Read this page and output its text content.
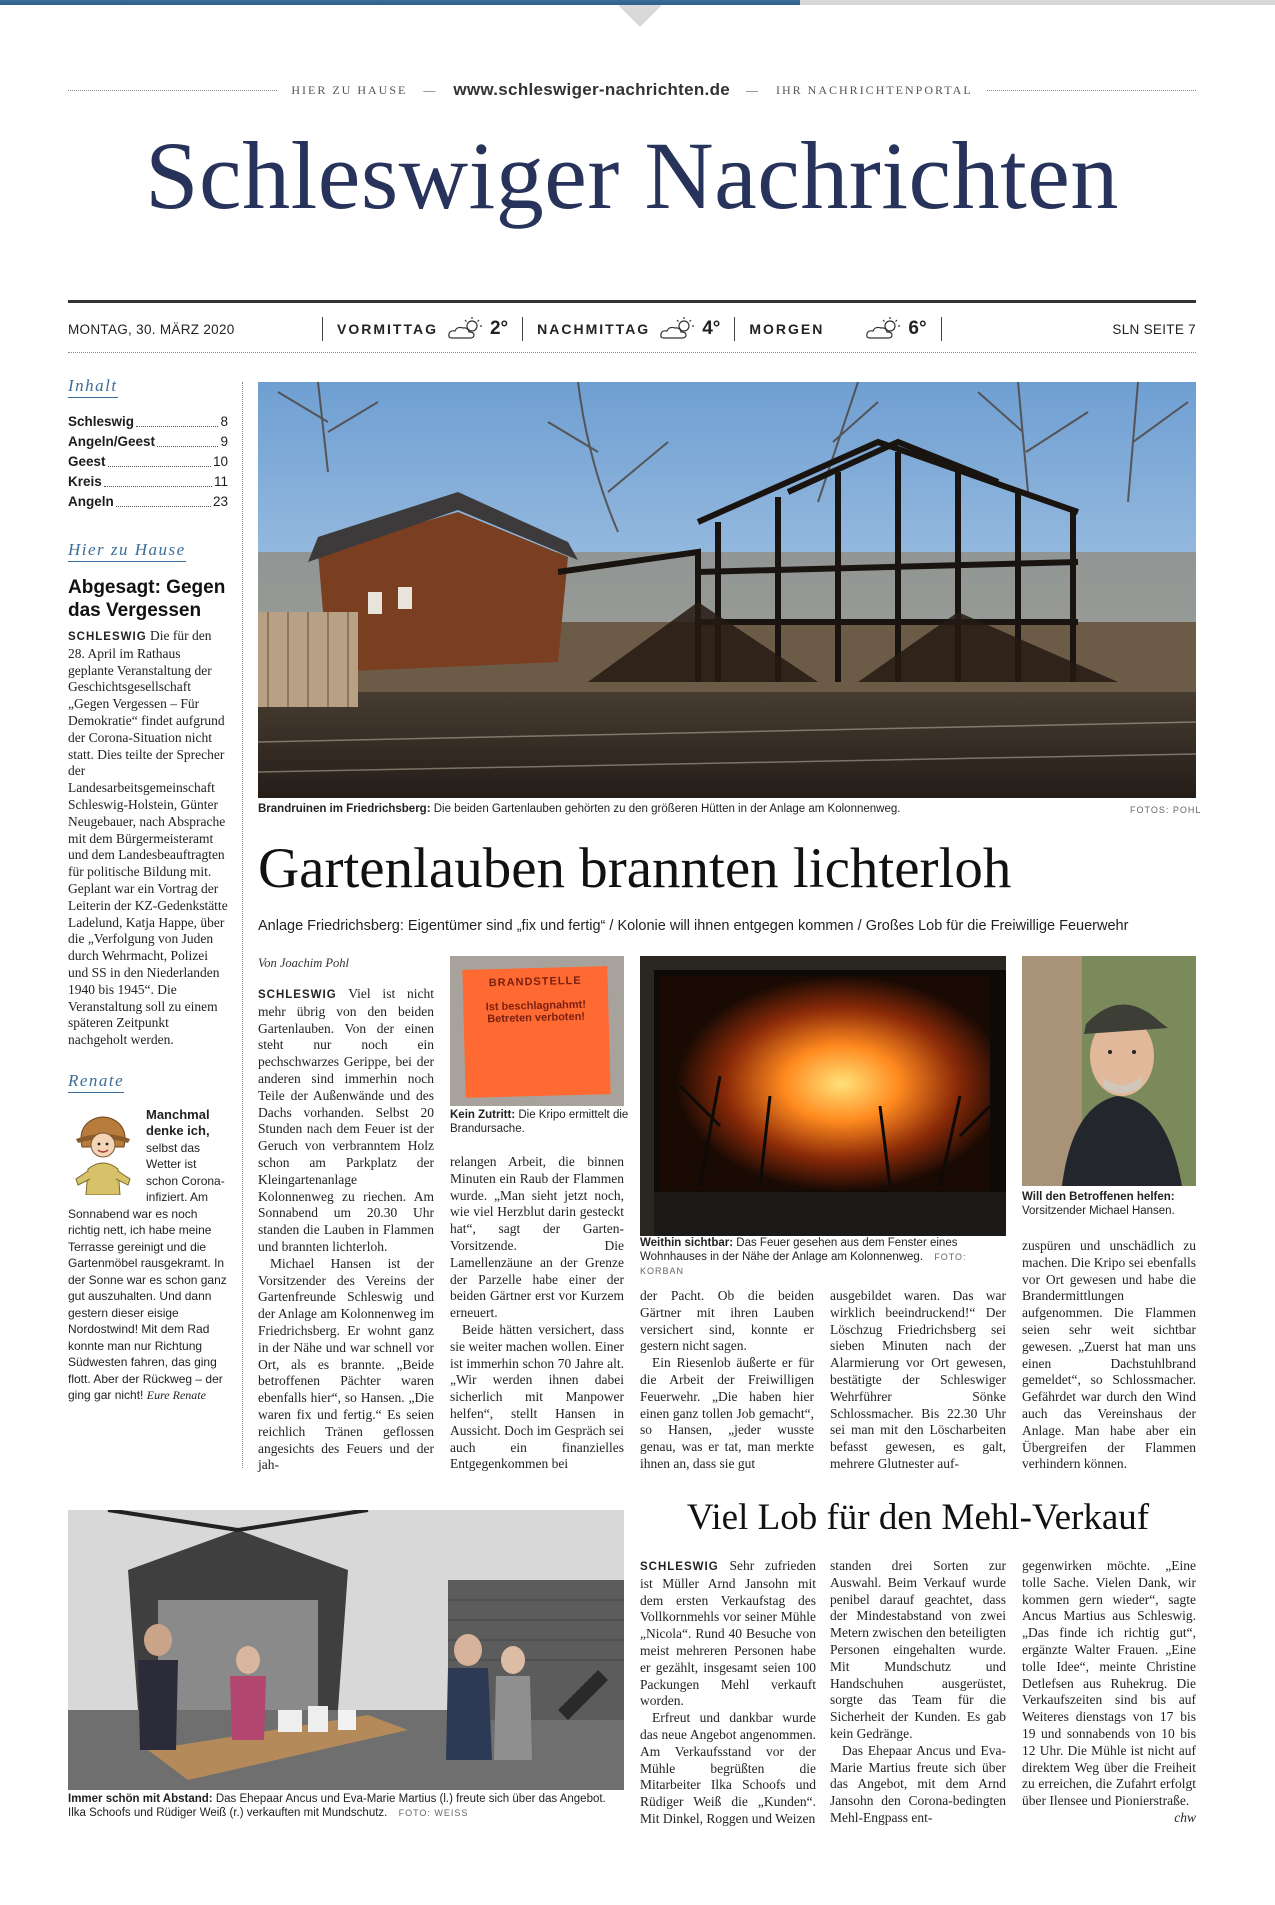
HIER ZU HAUSE	— www.schleswiger-nachrichten.de	—	IHR NACHRICHTENPORTAL
Schleswiger Nachrichten
MONTAG, 30. MÄRZ 2020	VORMITTAG	2° NACHMITTAG	4° MORGEN	6°	SLN SEITE 7
Inhalt
Schleswig	8
Angeln/Geest	9
Geest	10
Kreis	11
Angeln	23
Hier zu Hause
Abgesagt: Gegen das Vergessen
SCHLESWIG Die für den 28. April im Rathaus geplante Veranstaltung der Geschichtsgesellschaft „Gegen Vergessen – Für Demokratie“ findet aufgrund der Corona-Situation nicht statt. Dies teilte der Sprecher der Landesarbeitsgemeinschaft Schleswig-Holstein, Günter Neugebauer, nach Absprache mit dem Bürgermeisteramt und dem Landesbeauftragten für politische Bildung mit. Geplant war ein Vortrag der Leiterin der KZ-Gedenkstätte Ladelund, Katja Happe, über die „Verfolgung von Juden durch Wehrmacht, Polizei und SS in den Niederlanden 1940 bis 1945“. Die Veranstaltung soll zu einem späteren Zeitpunkt nachgeholt werden.
Renate
Manchmal denke ich, selbst das Wetter ist schon Corona-infiziert. Am Sonnabend war es noch richtig nett, ich habe meine Terrasse gereinigt und die Gartenmöbel rausgekramt. In der Sonne war es schon ganz gut auszuhalten. Und dann gestern dieser eisige Nordostwind! Mit dem Rad konnte man nur Richtung Südwesten fahren, das ging flott. Aber der Rückweg – der ging gar nicht! Eure Renate
Brandruinen im Friedrichsberg: Die beiden Gartenlauben gehörten zu den größeren Hütten in der Anlage am Kolonnenweg.	FOTOS: POHL
Gartenlauben brannten lichterloh
Anlage Friedrichsberg: Eigentümer sind „fix und fertig“ / Kolonie will ihnen entgegen kommen / Großes Lob für die Freiwillige Feuerwehr
Von Joachim Pohl
BRANDSTELLE
Ist beschlagnahmt!
Betreten verboten!
Kein Zutritt: Die Kripo ermittelt die Brandursache.
Weithin sichtbar: Das Feuer gesehen aus dem Fenster eines Wohnhauses in der Nähe der Anlage am Kolonnenweg. FOTO: KORBAN
Will den Betroffenen helfen:
Vorsitzender Michael Hansen.

SCHLESWIG Viel ist nicht mehr übrig von den beiden Gartenlauben. Von der einen steht nur noch ein pechschwarzes Gerippe, bei der anderen sind immerhin noch Teile der Außenwände und des Dachs vorhanden. Selbst 20 Stunden nach dem Feuer ist der Geruch von verbranntem Holz schon am Parkplatz der Kleingartenanlage Kolonnenweg zu riechen. Am Sonnabend um 20.30 Uhr standen die Lauben in Flammen und brannten lichterloh.

Michael Hansen ist der Vorsitzender des Vereins der Gartenfreunde Schleswig und der Anlage am Kolonnenweg im Friedrichsberg. Er wohnt ganz in der Nähe und war schnell vor Ort, als es brannte. „Beide betroffenen Pächter waren ebenfalls hier“, so Hansen. „Die waren fix und fertig.“ Es seien reichlich Tränen geflossen angesichts des Feuers und der jah-

relangen Arbeit, die binnen Minuten ein Raub der Flammen wurde. „Man sieht jetzt noch, wie viel Herzblut darin gesteckt hat“, sagt der Garten-Vorsitzende. Die Lamellenzäune an der Grenze der Parzelle habe einer der beiden Gärtner erst vor Kurzem erneuert.

Beide hätten versichert, dass sie weiter machen wollen. Einer ist immerhin schon 70 Jahre alt. „Wir werden ihnen dabei sicherlich mit Manpower helfen“, stellt Hansen in Aussicht. Doch im Gespräch sei auch ein finanzielles Entgegenkommen bei

der Pacht. Ob die beiden Gärtner mit ihren Lauben versichert sind, konnte er gestern nicht sagen.

Ein Riesenlob äußerte er für die Arbeit der Freiwilligen Feuerwehr. „Die haben hier einen ganz tollen Job gemacht“, so Hansen, „jeder wusste genau, was er tat, man merkte ihnen an, dass sie gut

ausgebildet waren. Das war wirklich beeindruckend!“ Der Löschzug Friedrichsberg sei sieben Minuten nach der Alarmierung vor Ort gewesen, bestätigte der Schleswiger Wehrführer Sönke Schlossmacher. Bis 22.30 Uhr sei man mit den Löscharbeiten befasst gewesen, es galt, mehrere Glutnester auf-

zuspüren und unschädlich zu machen. Die Kripo sei ebenfalls vor Ort gewesen und habe die Brandermittlungen aufgenommen. Die Flammen seien sehr weit sichtbar gewesen. „Zuerst hat man uns einen Dachstuhlbrand gemeldet“, so Schlossmacher. Gefährdet war durch den Wind auch das Vereinshaus der Anlage. Man habe aber ein Übergreifen der Flammen verhindern können.

Immer schön mit Abstand: Das Ehepaar Ancus und Eva-Marie Martius (l.) freute sich über das Angebot. Ilka Schoofs und Rüdiger Weiß (r.) verkauften mit Mundschutz. FOTO: WEISS
Viel Lob für den Mehl-Verkauf

SCHLESWIG Sehr zufrieden ist Müller Arnd Jansohn mit dem ersten Verkaufstag des Vollkornmehls vor seiner Mühle „Nicola“. Rund 40 Besuche von meist mehreren Personen habe er gezählt, insgesamt seien 100 Packungen Mehl verkauft worden.

Erfreut und dankbar wurde das neue Angebot angenommen. Am Verkaufsstand vor der Mühle begrüßten die Mitarbeiter Ilka Schoofs und Rüdiger Weiß die „Kunden“. Mit Dinkel, Roggen und Weizen

standen drei Sorten zur Auswahl. Beim Verkauf wurde penibel darauf geachtet, dass der Mindestabstand von zwei Metern zwischen den beteiligten Personen eingehalten wurde. Mit Mundschutz und Handschuhen ausgerüstet, sorgte das Team für die Sicherheit der Kunden. Es gab kein Gedränge.

Das Ehepaar Ancus und Eva-Marie Martius freute sich über das Angebot, mit dem Arnd Jansohn den Corona-bedingten Mehl-Engpass ent-

gegenwirken möchte. „Eine tolle Sache. Vielen Dank, wir kommen gern wieder“, sagte Ancus Martius aus Schleswig. „Das finde ich richtig gut“, ergänzte Walter Frauen. „Eine tolle Idee“, meinte Christine Detlefsen aus Ruhekrug. Die Verkaufszeiten sind bis auf Weiteres dienstags von 17 bis 19 und sonnabends von 10 bis 12 Uhr. Die Mühle ist nicht auf direktem Weg über die Freiheit zu erreichen, die Zufahrt erfolgt über Ilensee und Pionierstraße.
chw
